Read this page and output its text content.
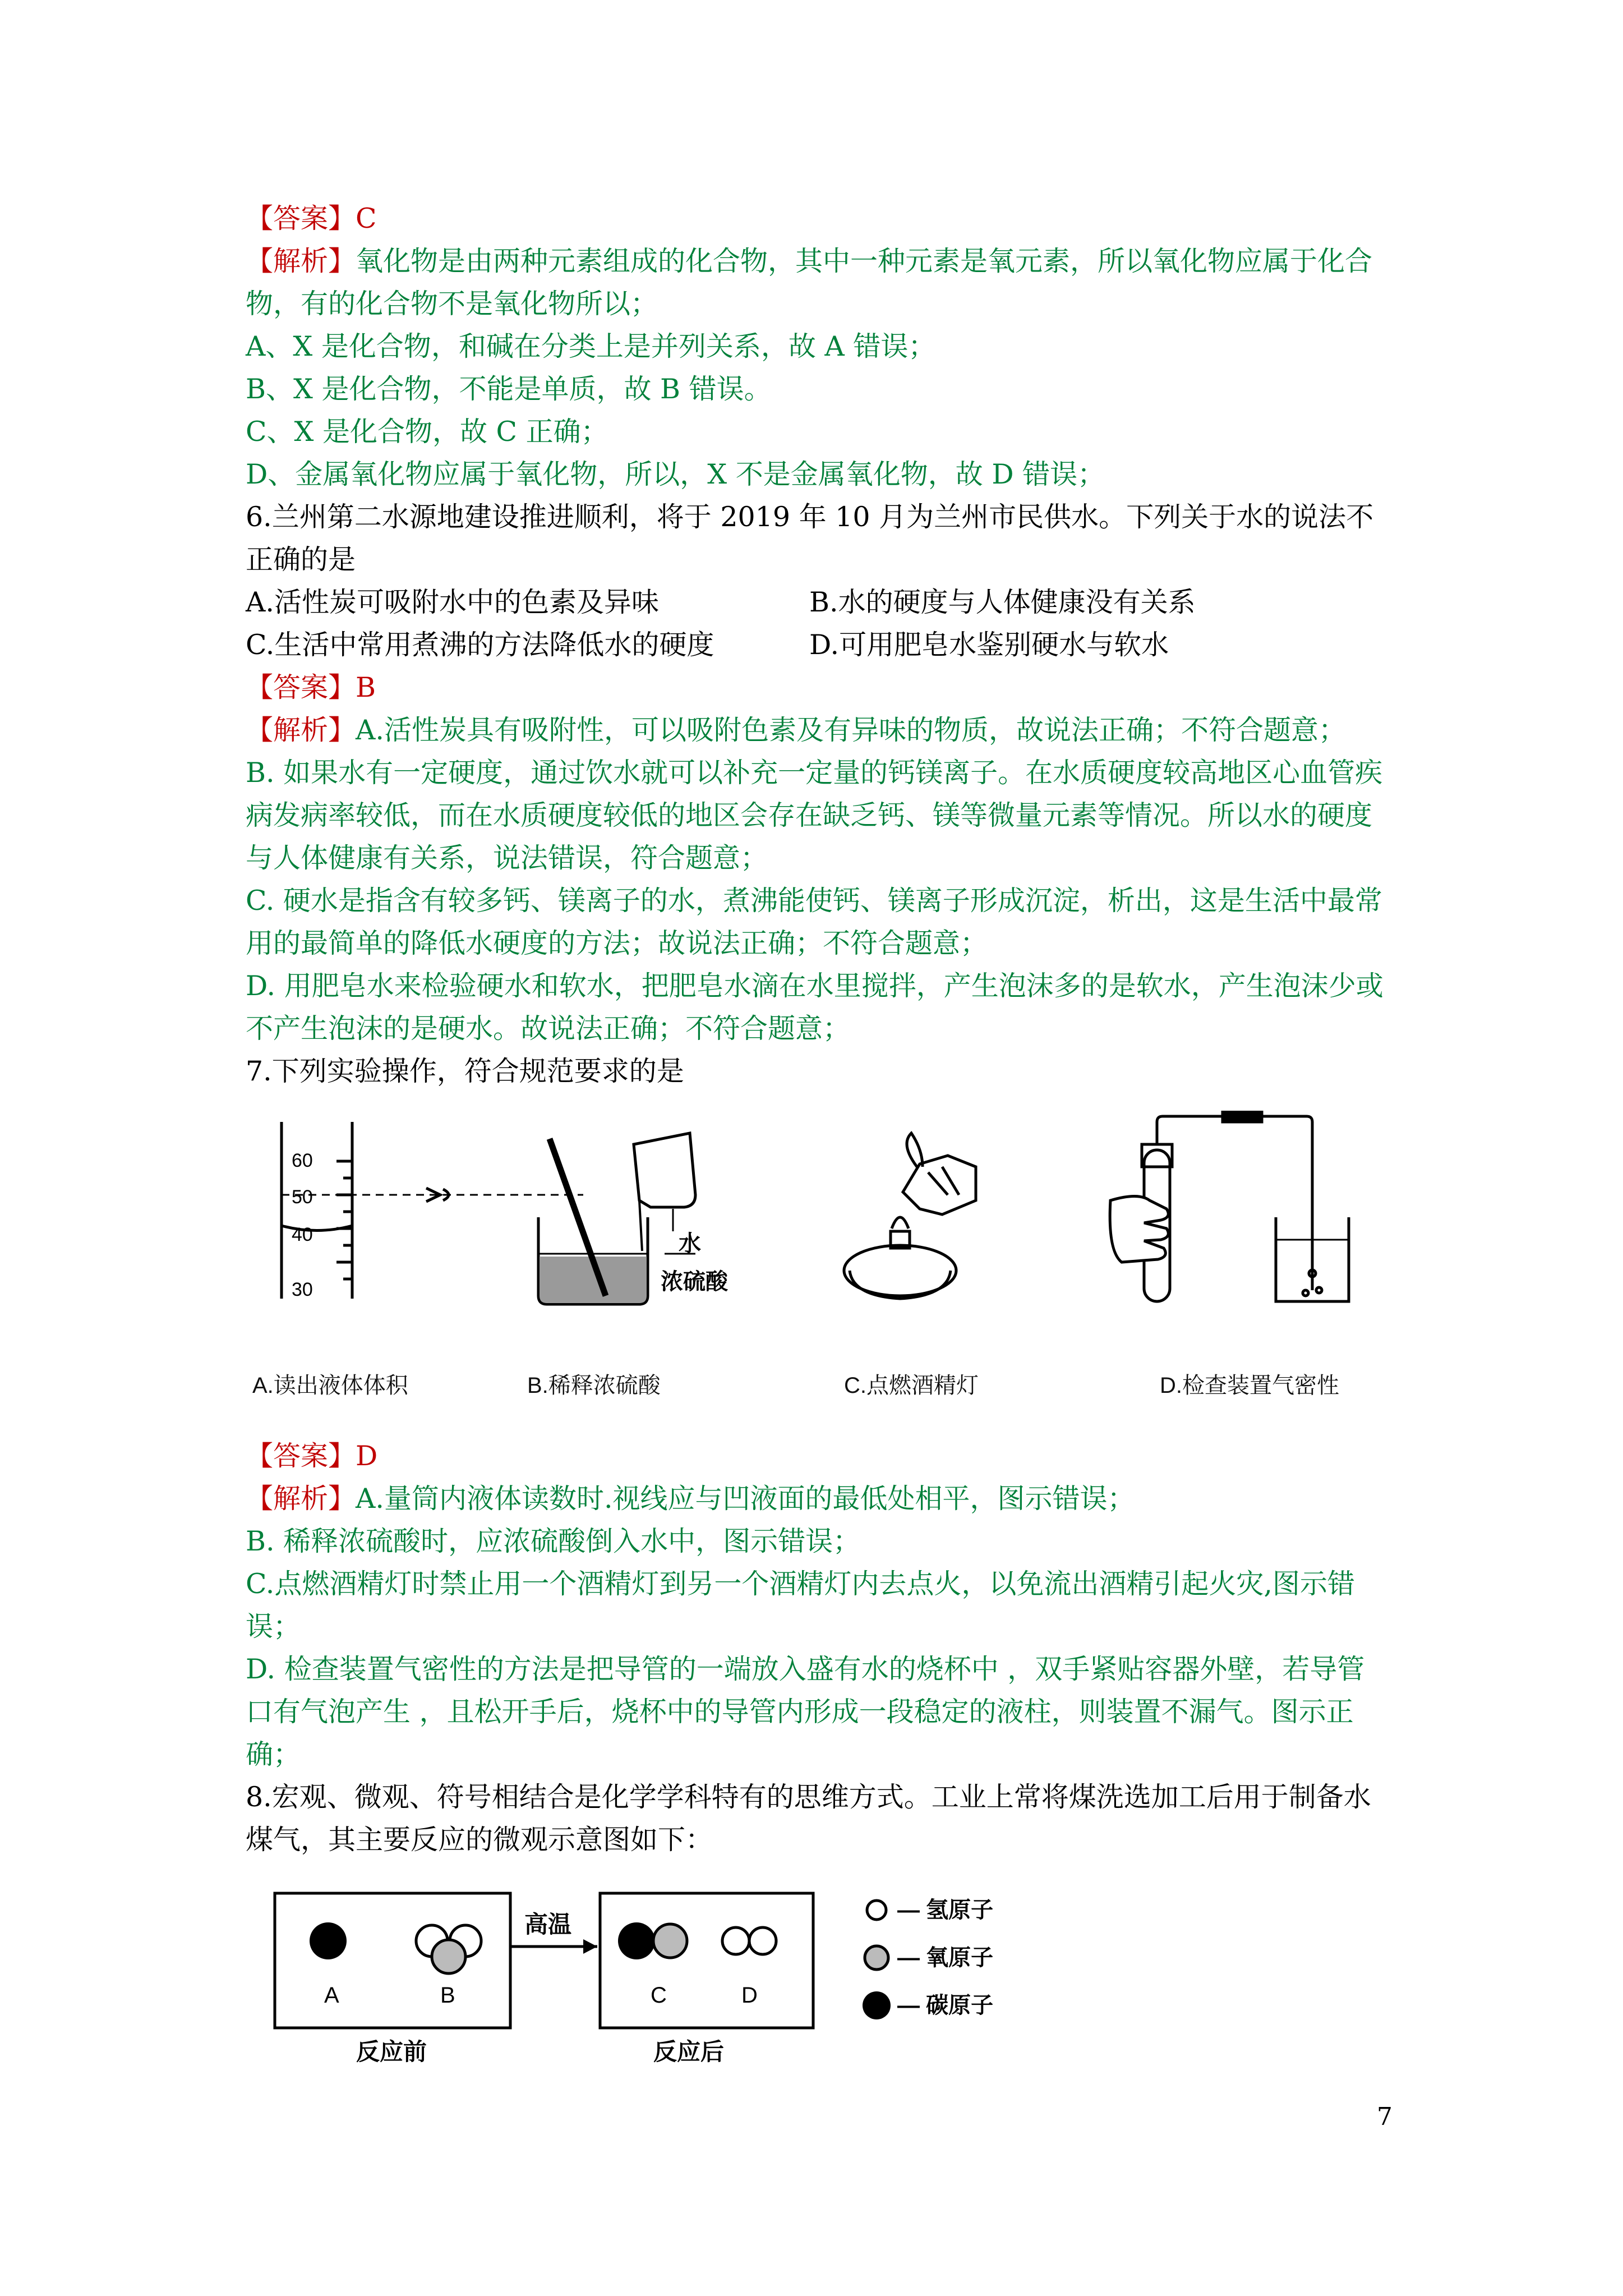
【答案】C
【解析】氧化物是由两种元素组成的化合物，其中一种元素是氧元素，所以氧化物应属于化合物，有的化合物不是氧化物所以；
A、X 是化合物，和碱在分类上是并列关系，故 A 错误；
B、X 是化合物，不能是单质，故 B 错误。
C、X 是化合物，故 C 正确；
D、金属氧化物应属于氧化物，所以，X 不是金属氧化物，故 D 错误；
6.兰州第二水源地建设推进顺利，将于 2019 年 10 月为兰州市民供水。下列关于水的说法不正确的是
A.活性炭可吸附水中的色素及异味	B.水的硬度与人体健康没有关系
C.生活中常用煮沸的方法降低水的硬度	D.可用肥皂水鉴别硬水与软水
【答案】B
【解析】A.活性炭具有吸附性，可以吸附色素及有异味的物质，故说法正确；不符合题意；
B. 如果水有一定硬度，通过饮水就可以补充一定量的钙镁离子。在水质硬度较高地区心血管疾病发病率较低，而在水质硬度较低的地区会存在缺乏钙、镁等微量元素等情况。所以水的硬度与人体健康有关系，说法错误，符合题意；
C. 硬水是指含有较多钙、镁离子的水，煮沸能使钙、镁离子形成沉淀，析出，这是生活中最常用的最简单的降低水硬度的方法；故说法正确；不符合题意；
D. 用肥皂水来检验硬水和软水，把肥皂水滴在水里搅拌，产生泡沫多的是软水，产生泡沫少或不产生泡沫的是硬水。故说法正确；不符合题意；
7.下列实验操作，符合规范要求的是
60
50
40
30
水
浓硫酸
A.读出液体体积	B.稀释浓硫酸	C.点燃酒精灯	D.检查装置气密性
【答案】D
【解析】A.量筒内液体读数时.视线应与凹液面的最低处相平，图示错误；
B. 稀释浓硫酸时，应浓硫酸倒入水中，图示错误；
C.点燃酒精灯时禁止用一个酒精灯到另一个酒精灯内去点火，以免流出酒精引起火灾,图示错误；
D. 检查装置气密性的方法是把导管的一端放入盛有水的烧杯中 ，双手紧贴容器外壁，若导管口有气泡产生 ，且松开手后，烧杯中的导管内形成一段稳定的液柱，则装置不漏气。图示正确；
8.宏观、微观、符号相结合是化学学科特有的思维方式。工业上常将煤洗选加工后用于制备水煤气，其主要反应的微观示意图如下：
A	B
反应前
高温
C	D
反应后
— 氢原子
— 氧原子
— 碳原子
7
